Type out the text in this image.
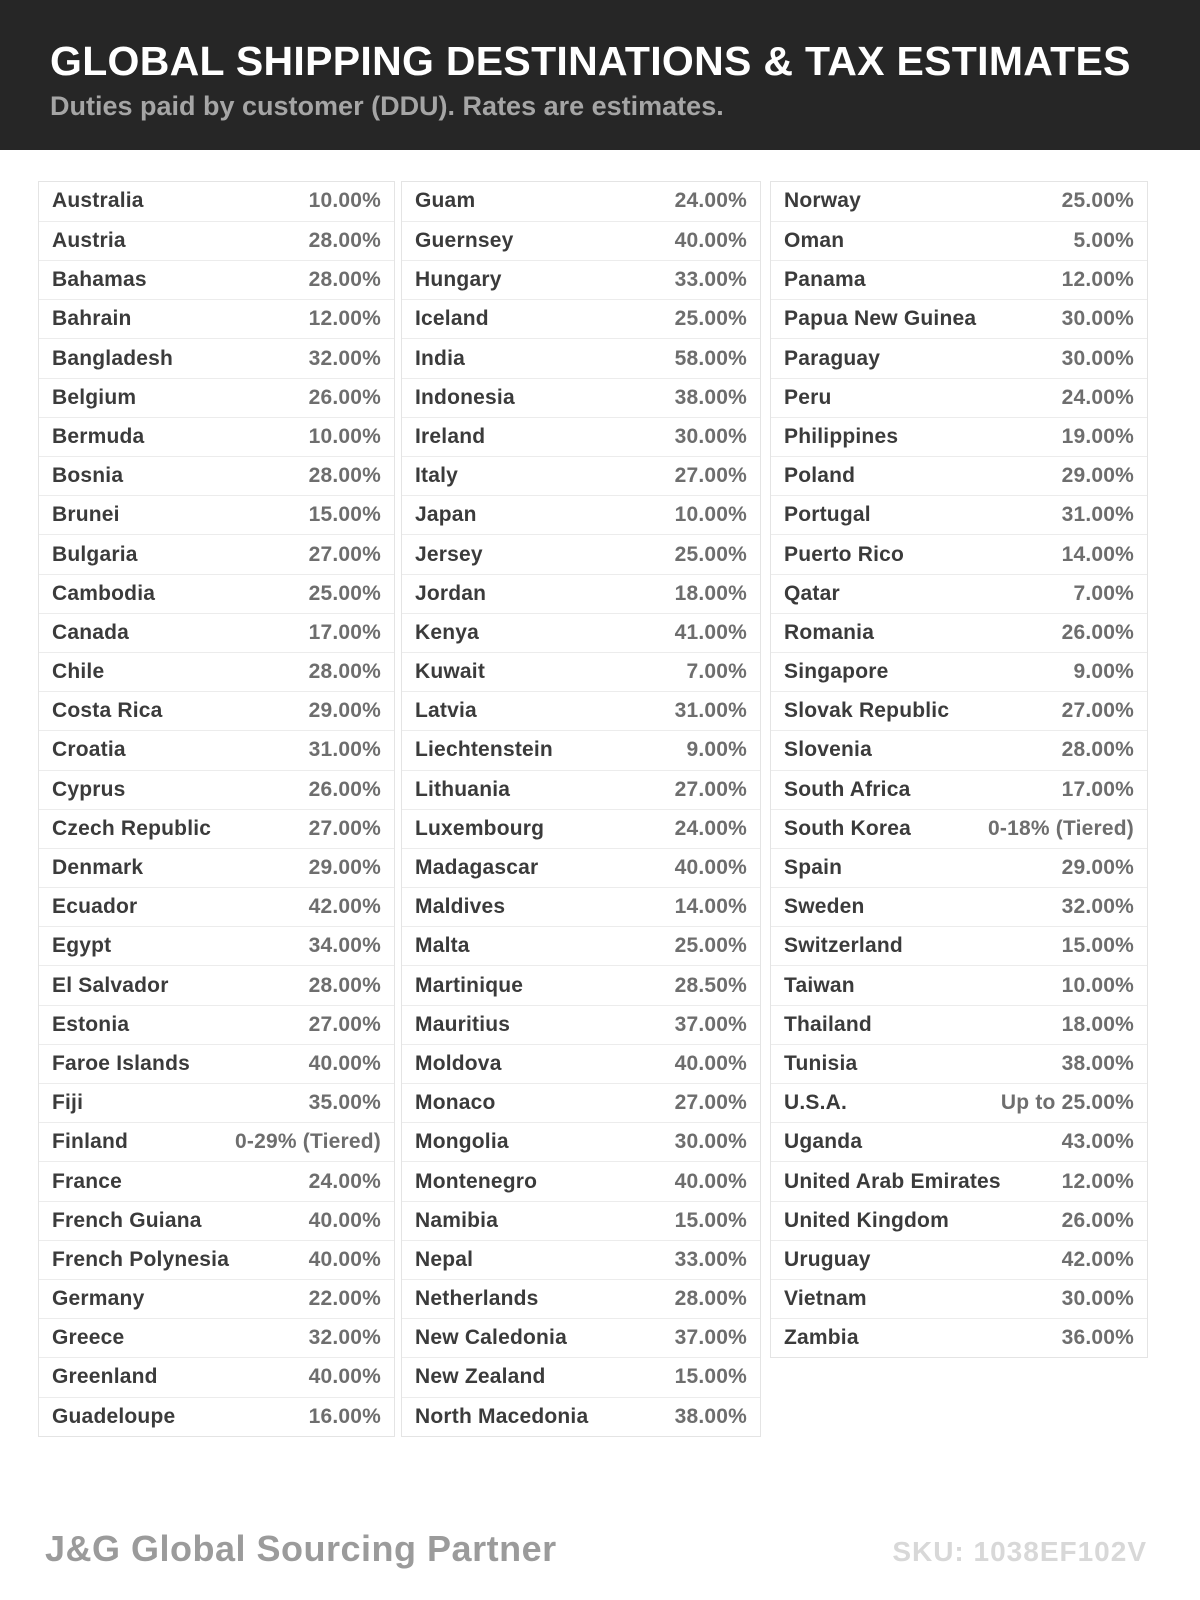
GLOBAL SHIPPING DESTINATIONS & TAX ESTIMATES

Duties paid by customer (DDU). Rates are estimates.

Australia	10.00%
Austria	28.00%
Bahamas	28.00%
Bahrain	12.00%
Bangladesh	32.00%
Belgium	26.00%
Bermuda	10.00%
Bosnia	28.00%
Brunei	15.00%
Bulgaria	27.00%
Cambodia	25.00%
Canada	17.00%
Chile	28.00%
Costa Rica	29.00%
Croatia	31.00%
Cyprus	26.00%
Czech Republic	27.00%
Denmark	29.00%
Ecuador	42.00%
Egypt	34.00%
El Salvador	28.00%
Estonia	27.00%
Faroe Islands	40.00%
Fiji	35.00%
Finland	0-29% (Tiered)
France	24.00%
French Guiana	40.00%
French Polynesia	40.00%
Germany	22.00%
Greece	32.00%
Greenland	40.00%
Guadeloupe	16.00%
Guam	24.00%
Guernsey	40.00%
Hungary	33.00%
Iceland	25.00%
India	58.00%
Indonesia	38.00%
Ireland	30.00%
Italy	27.00%
Japan	10.00%
Jersey	25.00%
Jordan	18.00%
Kenya	41.00%
Kuwait	7.00%
Latvia	31.00%
Liechtenstein	9.00%
Lithuania	27.00%
Luxembourg	24.00%
Madagascar	40.00%
Maldives	14.00%
Malta	25.00%
Martinique	28.50%
Mauritius	37.00%
Moldova	40.00%
Monaco	27.00%
Mongolia	30.00%
Montenegro	40.00%
Namibia	15.00%
Nepal	33.00%
Netherlands	28.00%
New Caledonia	37.00%
New Zealand	15.00%
North Macedonia	38.00%
Norway	25.00%
Oman	5.00%
Panama	12.00%
Papua New Guinea	30.00%
Paraguay	30.00%
Peru	24.00%
Philippines	19.00%
Poland	29.00%
Portugal	31.00%
Puerto Rico	14.00%
Qatar	7.00%
Romania	26.00%
Singapore	9.00%
Slovak Republic	27.00%
Slovenia	28.00%
South Africa	17.00%
South Korea	0-18% (Tiered)
Spain	29.00%
Sweden	32.00%
Switzerland	15.00%
Taiwan	10.00%
Thailand	18.00%
Tunisia	38.00%
U.S.A.	Up to 25.00%
Uganda	43.00%
United Arab Emirates	12.00%
United Kingdom	26.00%
Uruguay	42.00%
Vietnam	30.00%
Zambia	36.00%
J&G Global Sourcing Partner	SKU: 1038EF102V
